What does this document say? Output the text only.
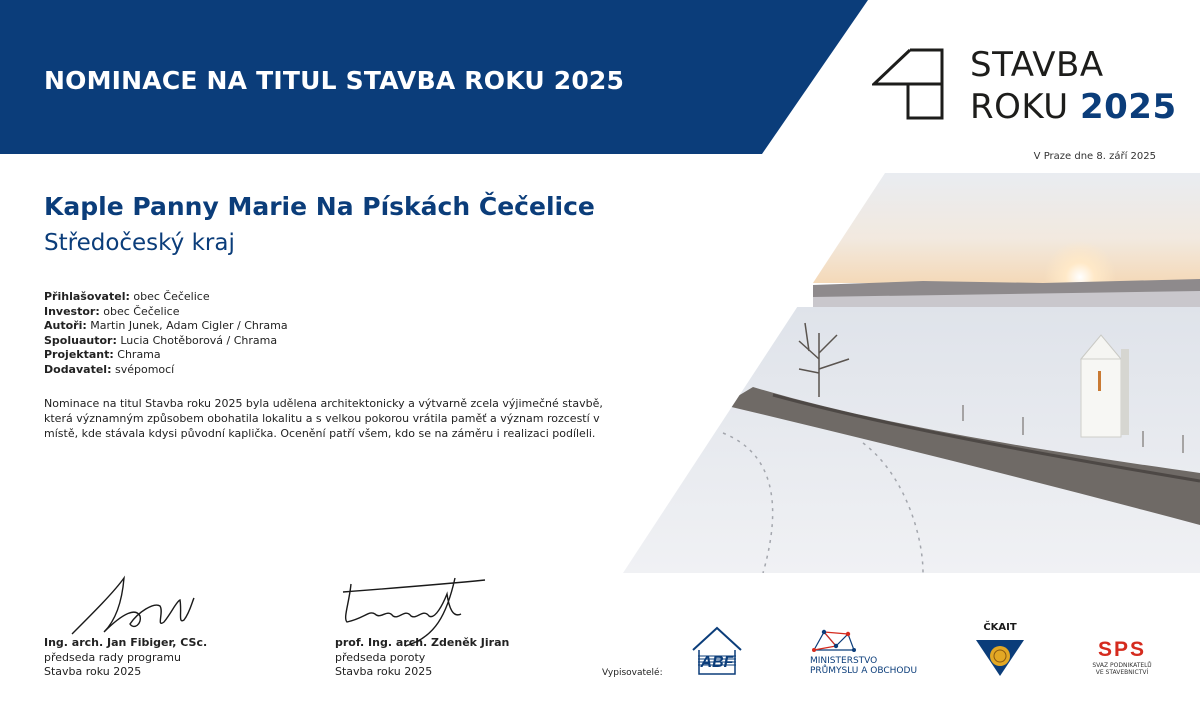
NOMINACE NA TITUL STAVBA ROKU 2025	STAVBA
ROKU 2025
V Praze dne 8. září 2025
Kaple Panny Marie Na Pískách Čečelice
Středočeský kraj
Přihlašovatel: obec Čečelice
Investor: obec Čečelice
Autoři: Martin Junek, Adam Cigler / Chrama
Spoluautor: Lucia Chotěborová / Chrama
Projektant: Chrama
Dodavatel: svépomocí

Nominace na titul Stavba roku 2025 byla udělena architektonicky a výtvarně zcela výjimečné stavbě, která významným způsobem obohatila lokalitu a s velkou pokorou vrátila paměť a význam rozcestí v místě, kde stávala kdysi původní kaplička. Ocenění patří všem, kdo se na záměru i realizaci podíleli.

Ing. arch. Jan Fibiger, CSc.
předseda rady programu
Stavba roku 2025
prof. Ing. arch. Zdeněk Jiran
předseda poroty
Stavba roku 2025	Vypisovatelé:
ABF	MINISTERSTVO
PRŮMYSLU A OBCHODU
ČKAIT
SPS
SVAZ PODNIKATELŮ
VE STAVEBNICTVÍ
